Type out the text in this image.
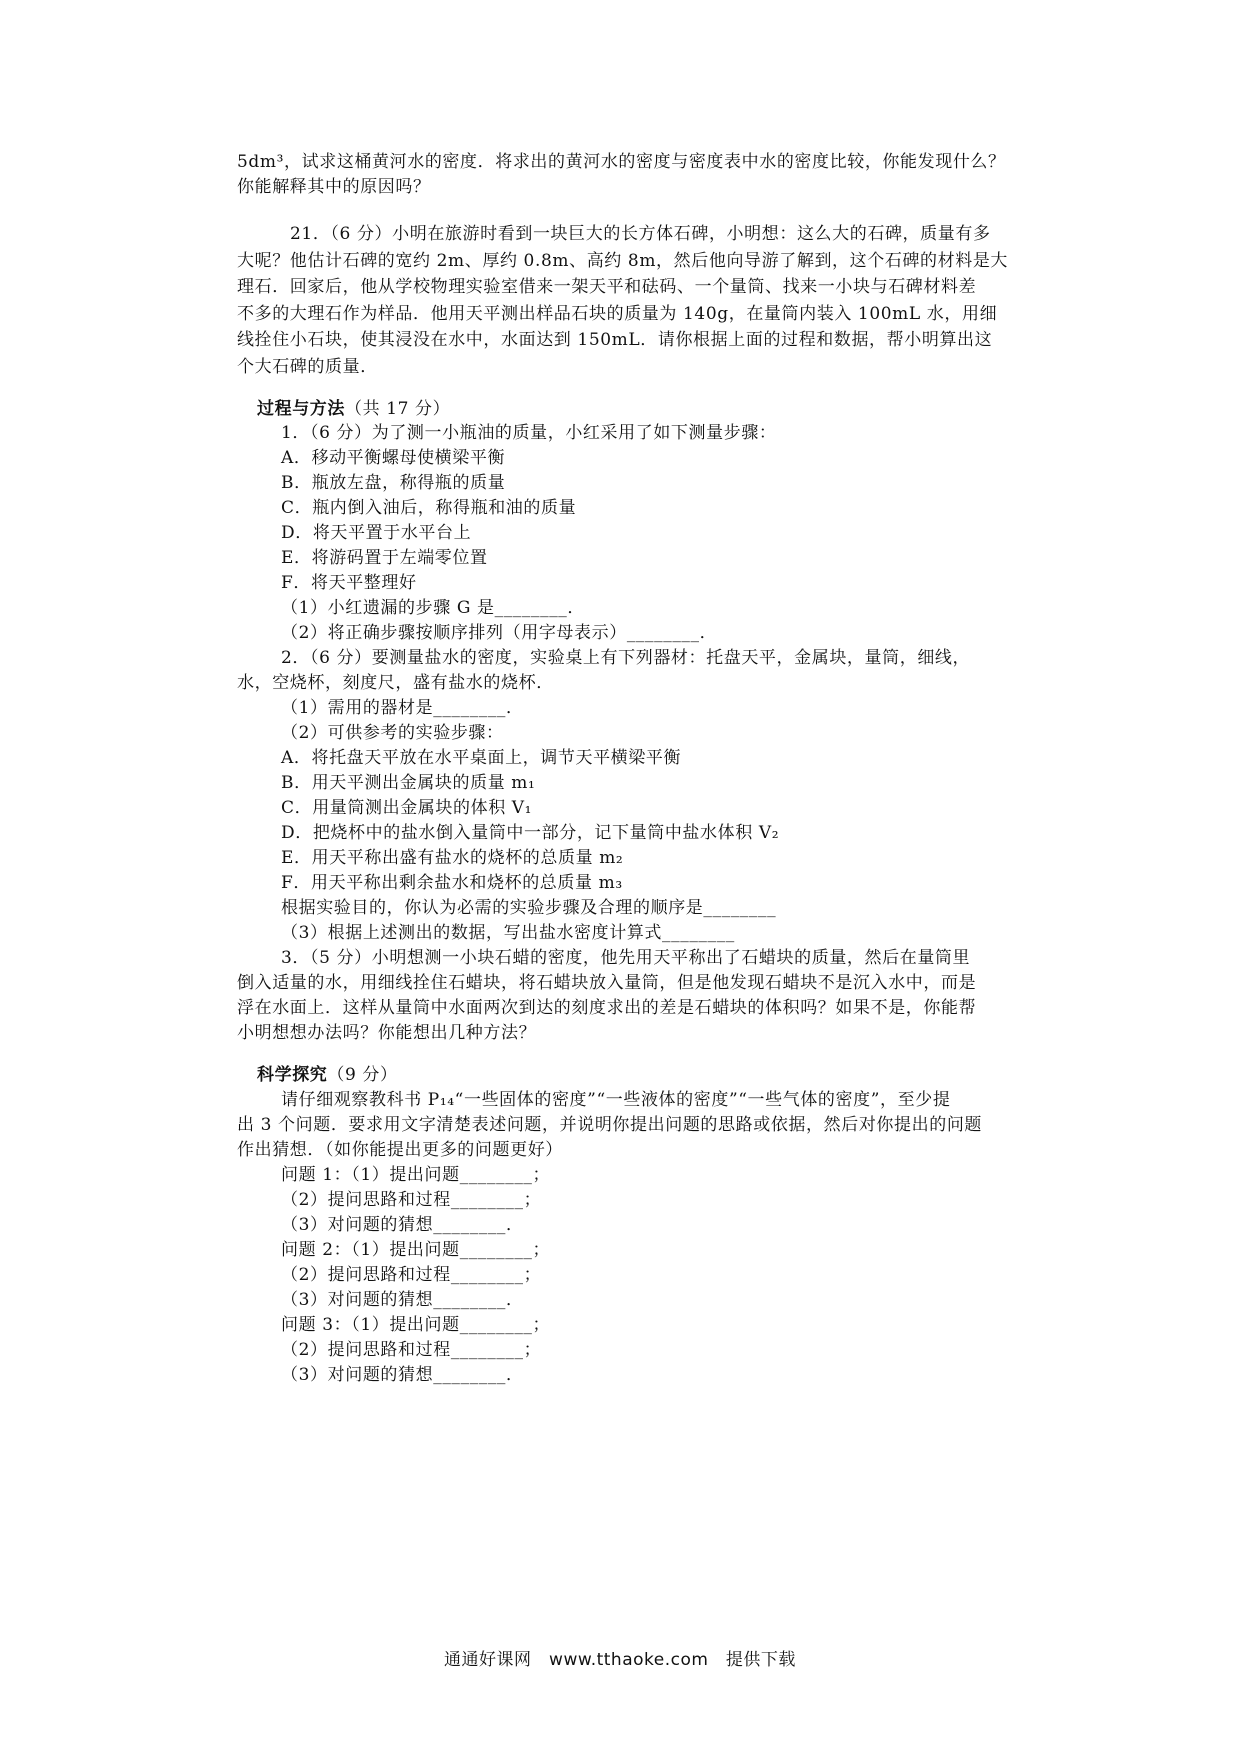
5dm³，试求这桶黄河水的密度．将求出的黄河水的密度与密度表中水的密度比较，你能发现什么？
你能解释其中的原因吗？
21．（6 分）小明在旅游时看到一块巨大的长方体石碑，小明想：这么大的石碑，质量有多
大呢？他估计石碑的宽约 2m、厚约 0.8m、高约 8m，然后他向导游了解到，这个石碑的材料是大
理石．回家后，他从学校物理实验室借来一架天平和砝码、一个量筒、找来一小块与石碑材料差
不多的大理石作为样品．他用天平测出样品石块的质量为 140g，在量筒内装入 100mL 水，用细
线拴住小石块，使其浸没在水中，水面达到 150mL．请你根据上面的过程和数据，帮小明算出这
个大石碑的质量．
过程与方法（共 17 分）
1．（6 分）为了测一小瓶油的质量，小红采用了如下测量步骤：
A．移动平衡螺母使横梁平衡
B．瓶放左盘，称得瓶的质量
C．瓶内倒入油后，称得瓶和油的质量
D．将天平置于水平台上
E．将游码置于左端零位置
F．将天平整理好
（1）小红遗漏的步骤 G 是________．
（2）将正确步骤按顺序排列（用字母表示）________．
2．（6 分）要测量盐水的密度，实验桌上有下列器材：托盘天平，金属块，量筒，细线，
水，空烧杯，刻度尺，盛有盐水的烧杯．
（1）需用的器材是________．
（2）可供参考的实验步骤：
A．将托盘天平放在水平桌面上，调节天平横梁平衡
B．用天平测出金属块的质量 m₁
C．用量筒测出金属块的体积 V₁
D．把烧杯中的盐水倒入量筒中一部分，记下量筒中盐水体积 V₂
E．用天平称出盛有盐水的烧杯的总质量 m₂
F．用天平称出剩余盐水和烧杯的总质量 m₃
根据实验目的，你认为必需的实验步骤及合理的顺序是________
（3）根据上述测出的数据，写出盐水密度计算式________
3．（5 分）小明想测一小块石蜡的密度，他先用天平称出了石蜡块的质量，然后在量筒里
倒入适量的水，用细线拴住石蜡块，将石蜡块放入量筒，但是他发现石蜡块不是沉入水中，而是
浮在水面上．这样从量筒中水面两次到达的刻度求出的差是石蜡块的体积吗？如果不是，你能帮
小明想想办法吗？你能想出几种方法？
科学探究（9 分）
请仔细观察教科书 P₁₄“一些固体的密度”“一些液体的密度”“一些气体的密度”，至少提
出 3 个问题．要求用文字清楚表述问题，并说明你提出问题的思路或依据，然后对你提出的问题
作出猜想．（如你能提出更多的问题更好）
问题 1：（1）提出问题________；
（2）提问思路和过程________；
（3）对问题的猜想________．
问题 2：（1）提出问题________；
（2）提问思路和过程________；
（3）对问题的猜想________．
问题 3：（1）提出问题________；
（2）提问思路和过程________；
（3）对问题的猜想________．
通通好课网　www.tthaoke.com　提供下载
